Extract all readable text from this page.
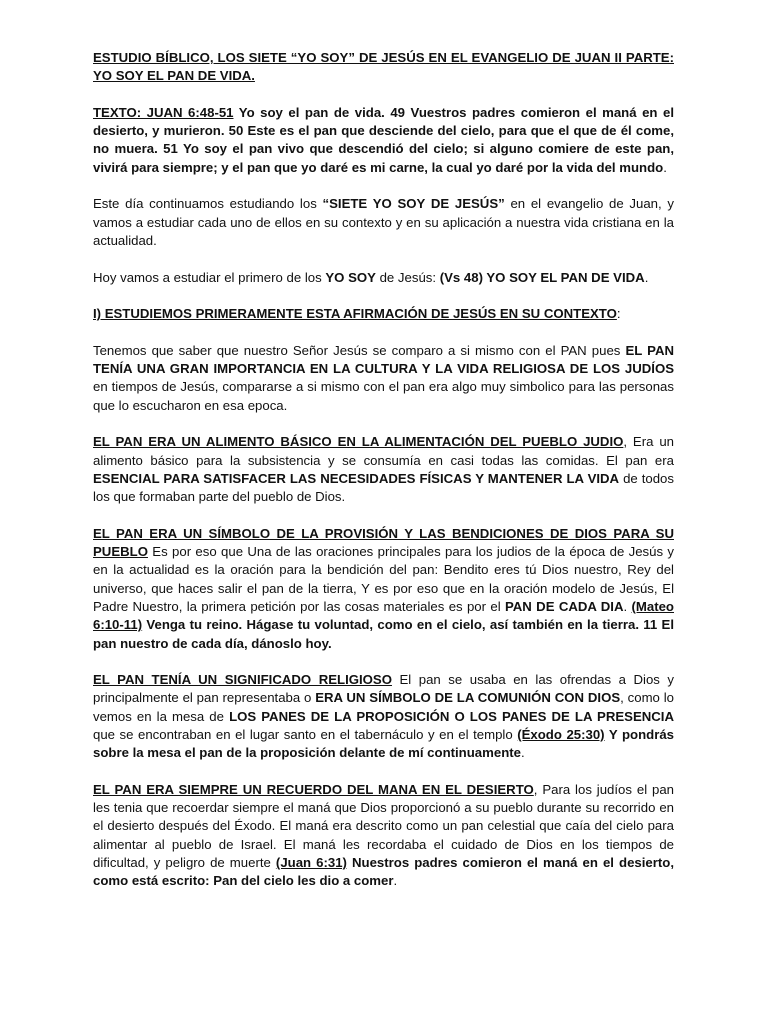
ESTUDIO BÍBLICO, LOS SIETE “YO SOY” DE JESÚS EN EL EVANGELIO DE JUAN II PARTE: YO SOY EL PAN DE VIDA.

TEXTO: JUAN 6:48-51 Yo soy el pan de vida. 49 Vuestros padres comieron el maná en el desierto, y murieron. 50 Este es el pan que desciende del cielo, para que el que de él come, no muera. 51 Yo soy el pan vivo que descendió del cielo; si alguno comiere de este pan, vivirá para siempre; y el pan que yo daré es mi carne, la cual yo daré por la vida del mundo.

Este día continuamos estudiando los “SIETE YO SOY DE JESÚS” en el evangelio de Juan, y vamos a estudiar cada uno de ellos en su contexto y en su aplicación a nuestra vida cristiana en la actualidad.

Hoy vamos a estudiar el primero de los YO SOY de Jesús: (Vs 48) YO SOY EL PAN DE VIDA.

I) ESTUDIEMOS PRIMERAMENTE ESTA AFIRMACIÓN DE JESÚS EN SU CONTEXTO:

Tenemos que saber que nuestro Señor Jesús se comparo a si mismo con el PAN pues EL PAN TENÍA UNA GRAN IMPORTANCIA EN LA CULTURA Y LA VIDA RELIGIOSA DE LOS JUDÍOS en tiempos de Jesús, compararse a si mismo con el pan era algo muy simbolico para las personas que lo escucharon en esa epoca.

EL PAN ERA UN ALIMENTO BÁSICO EN LA ALIMENTACIÓN DEL PUEBLO JUDIO, Era un alimento básico para la subsistencia y se consumía en casi todas las comidas. El pan era ESENCIAL PARA SATISFACER LAS NECESIDADES FÍSICAS Y MANTENER LA VIDA de todos los que formaban parte del pueblo de Dios.

EL PAN ERA UN SÍMBOLO DE LA PROVISIÓN Y LAS BENDICIONES DE DIOS PARA SU PUEBLO Es por eso que Una de las oraciones principales para los judios de la época de Jesús y en la actualidad es la oración para la bendición del pan: Bendito eres tú Dios nuestro, Rey del universo, que haces salir el pan de la tierra, Y es por eso que en la oración modelo de Jesús, El Padre Nuestro, la primera petición por las cosas materiales es por el PAN DE CADA DIA. (Mateo 6:10-11) Venga tu reino. Hágase tu voluntad, como en el cielo, así también en la tierra. 11 El pan nuestro de cada día, dánoslo hoy.

EL PAN TENÍA UN SIGNIFICADO RELIGIOSO El pan se usaba en las ofrendas a Dios y principalmente el pan representaba o ERA UN SÍMBOLO DE LA COMUNIÓN CON DIOS, como lo vemos en la mesa de LOS PANES DE LA PROPOSICIÓN O LOS PANES DE LA PRESENCIA que se encontraban en el lugar santo en el tabernáculo y en el templo (Éxodo 25:30) Y pondrás sobre la mesa el pan de la proposición delante de mí continuamente.

EL PAN ERA SIEMPRE UN RECUERDO DEL MANA EN EL DESIERTO, Para los judíos el pan les tenia que recoerdar siempre el maná que Dios proporcionó a su pueblo durante su recorrido en el desierto después del Éxodo. El maná era descrito como un pan celestial que caía del cielo para alimentar al pueblo de Israel. El maná les recordaba el cuidado de Dios en los tiempos de dificultad, y peligro de muerte (Juan 6:31) Nuestros padres comieron el maná en el desierto, como está escrito: Pan del cielo les dio a comer.
